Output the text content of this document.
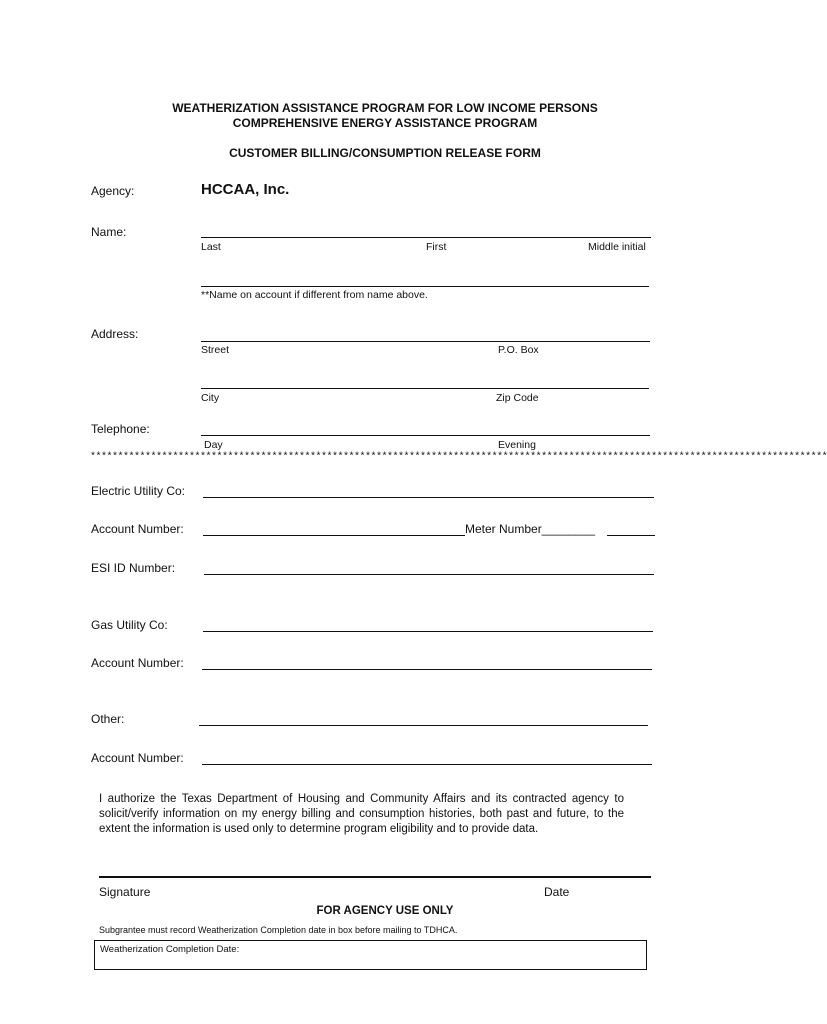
WEATHERIZATION ASSISTANCE PROGRAM FOR LOW INCOME PERSONS
COMPREHENSIVE ENERGY ASSISTANCE PROGRAM
CUSTOMER BILLING/CONSUMPTION RELEASE FORM
Agency:	HCCAA, Inc.
Name:
Last	First	Middle initial
**Name on account if different from name above.
Address:
Street	P.O. Box
City	Zip Code
Telephone:
Day	Evening
**************************************************************************************************************************************
Electric Utility Co:
Account Number:	Meter Number________
ESI ID Number:
Gas Utility Co:
Account Number:
Other:
Account Number:
I authorize the Texas Department of Housing and Community Affairs and its contracted agency to solicit/verify information on my energy billing and consumption histories, both past and future, to the extent the information is used only to determine program eligibility and to provide data.
Signature	Date
FOR AGENCY USE ONLY
Subgrantee must record Weatherization Completion date in box before mailing to TDHCA.
Weatherization Completion Date:
